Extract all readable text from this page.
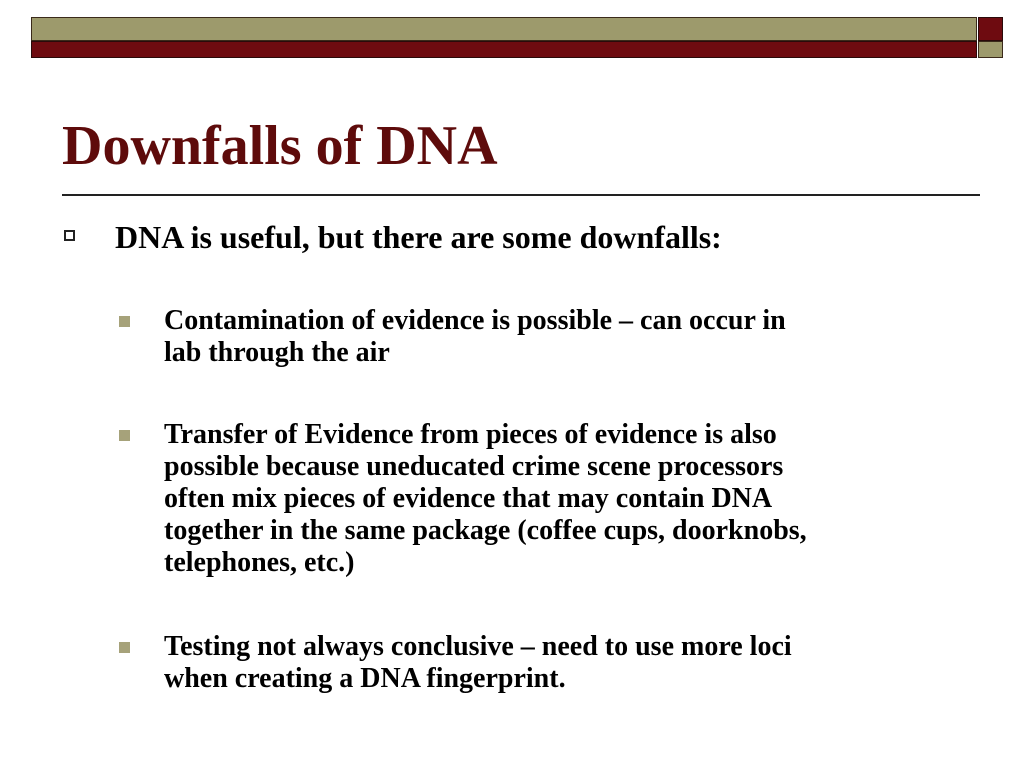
Downfalls of DNA
DNA is useful, but there are some downfalls:
Contamination of evidence is possible – can occur in
lab through the air
Transfer of Evidence from pieces of evidence is also
possible because uneducated crime scene processors
often mix pieces of evidence that may contain DNA
together in the same package (coffee cups, doorknobs,
telephones, etc.)
Testing not always conclusive – need to use more loci
when creating a DNA fingerprint.
